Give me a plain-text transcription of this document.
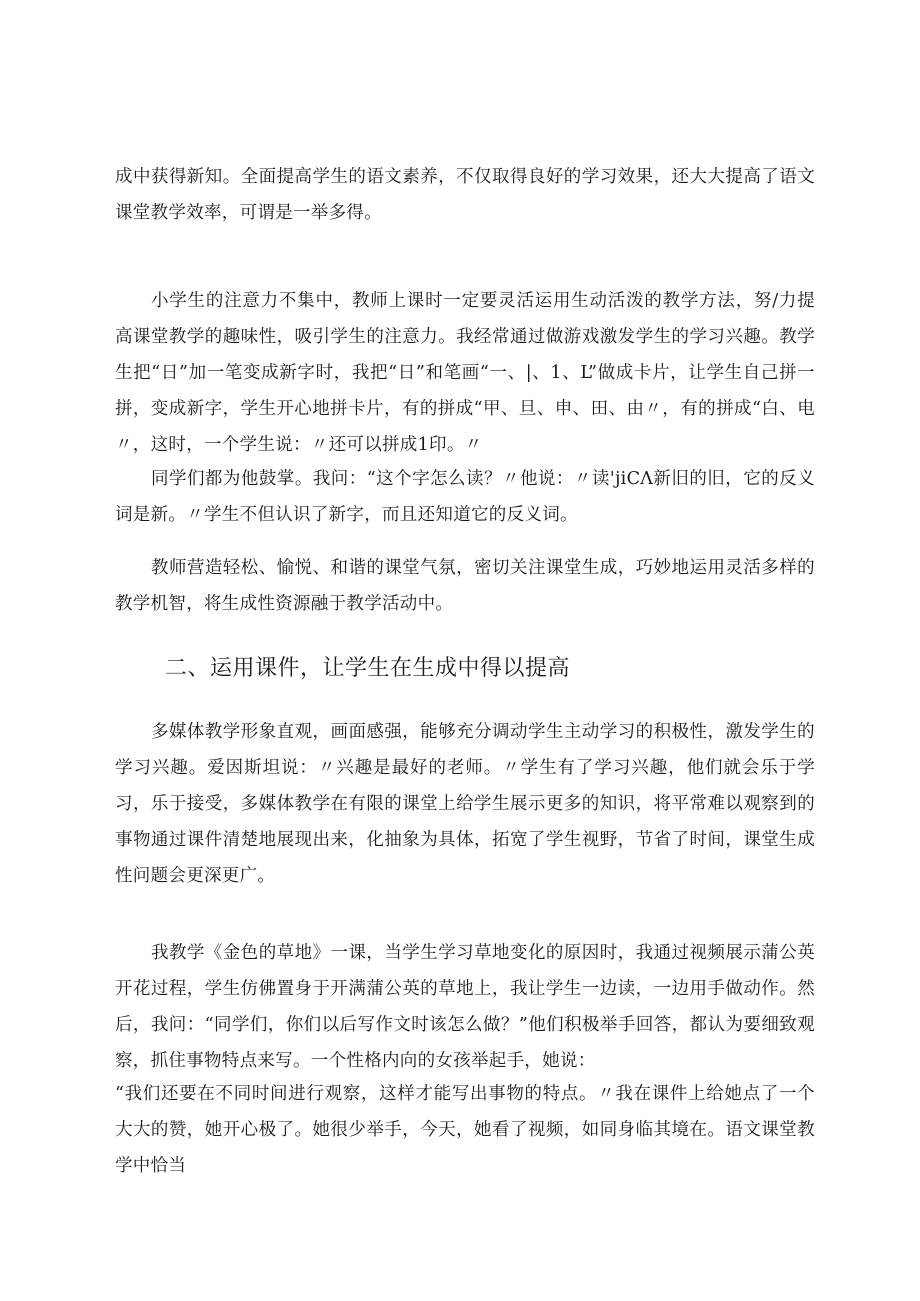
成中获得新知。全面提高学生的语文素养，不仅取得良好的学习效果，还大大提高了语文课堂教学效率，可谓是一举多得。

小学生的注意力不集中，教师上课时一定要灵活运用生动活泼的教学方法，努/力提高课堂教学的趣味性，吸引学生的注意力。我经常通过做游戏激发学生的学习兴趣。教学生把“日”加一笔变成新字时，我把“日”和笔画“一、|、1、L”做成卡片，让学生自己拼一拼，变成新字，学生开心地拼卡片，有的拼成“甲、旦、申、田、由〃，有的拼成“白、电〃，这时，一个学生说：〃还可以拼成1印。〃

同学们都为他鼓掌。我问：“这个字怎么读？〃他说：〃读'jiCΛ新旧的旧，它的反义词是新。〃学生不但认识了新字，而且还知道它的反义词。

教师营造轻松、愉悦、和谐的课堂气氛，密切关注课堂生成，巧妙地运用灵活多样的教学机智，将生成性资源融于教学活动中。

二、运用课件，让学生在生成中得以提高

多媒体教学形象直观，画面感强，能够充分调动学生主动学习的积极性，激发学生的学习兴趣。爱因斯坦说：〃兴趣是最好的老师。〃学生有了学习兴趣，他们就会乐于学习，乐于接受，多媒体教学在有限的课堂上给学生展示更多的知识，将平常难以观察到的事物通过课件清楚地展现出来，化抽象为具体，拓宽了学生视野，节省了时间，课堂生成性问题会更深更广。

我教学《金色的草地》一课，当学生学习草地变化的原因时，我通过视频展示蒲公英开花过程，学生仿佛置身于开满蒲公英的草地上，我让学生一边读，一边用手做动作。然后，我问：“同学们，你们以后写作文时该怎么做？”他们积极举手回答，都认为要细致观察，抓住事物特点来写。一个性格内向的女孩举起手，她说：

“我们还要在不同时间进行观察，这样才能写出事物的特点。〃我在课件上给她点了一个大大的赞，她开心极了。她很少举手，今天，她看了视频，如同身临其境在。语文课堂教学中恰当
